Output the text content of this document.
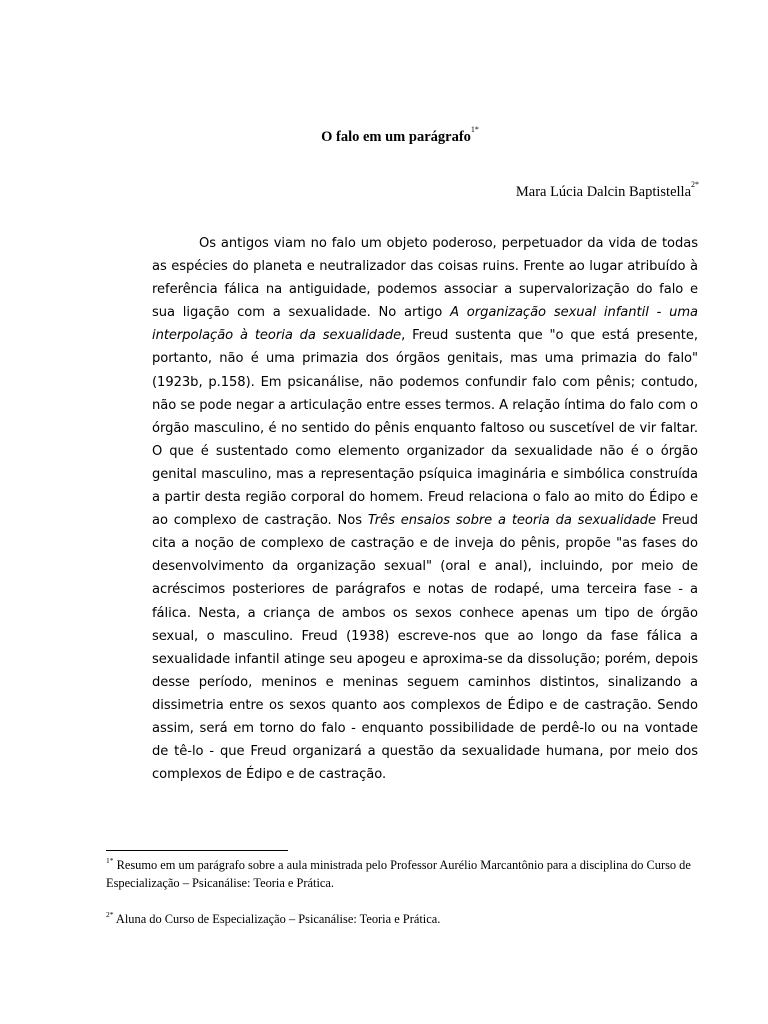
O falo em um parágrafo$^{1*}$
Mara Lúcia Dalcin Baptistella$^{2*}$
Os antigos viam no falo um objeto poderoso, perpetuador da vida de todas as espécies do planeta e neutralizador das coisas ruins. Frente ao lugar atribuído à referência fálica na antiguidade, podemos associar a supervalorização do falo e sua ligação com a sexualidade. No artigo A organização sexual infantil - uma interpolação à teoria da sexualidade, Freud sustenta que "o que está presente, portanto, não é uma primazia dos órgãos genitais, mas uma primazia do falo" (1923b, p.158). Em psicanálise, não podemos confundir falo com pênis; contudo, não se pode negar a articulação entre esses termos. A relação íntima do falo com o órgão masculino, é no sentido do pênis enquanto faltoso ou suscetível de vir faltar. O que é sustentado como elemento organizador da sexualidade não é o órgão genital masculino, mas a representação psíquica imaginária e simbólica construída a partir desta região corporal do homem. Freud relaciona o falo ao mito do Édipo e ao complexo de castração. Nos Três ensaios sobre a teoria da sexualidade Freud cita a noção de complexo de castração e de inveja do pênis, propõe "as fases do desenvolvimento da organização sexual" (oral e anal), incluindo, por meio de acréscimos posteriores de parágrafos e notas de rodapé, uma terceira fase - a fálica. Nesta, a criança de ambos os sexos conhece apenas um tipo de órgão sexual, o masculino. Freud (1938) escreve-nos que ao longo da fase fálica a sexualidade infantil atinge seu apogeu e aproxima-se da dissolução; porém, depois desse período, meninos e meninas seguem caminhos distintos, sinalizando a dissimetria entre os sexos quanto aos complexos de Édipo e de castração. Sendo assim, será em torno do falo - enquanto possibilidade de perdê-lo ou na vontade de tê-lo - que Freud organizará a questão da sexualidade humana, por meio dos complexos de Édipo e de castração.
$^{1*}$ Resumo em um parágrafo sobre a aula ministrada pelo Professor Aurélio Marcantônio para a disciplina do Curso de Especialização – Psicanálise: Teoria e Prática.
$^{2*}$ Aluna do Curso de Especialização – Psicanálise: Teoria e Prática.
